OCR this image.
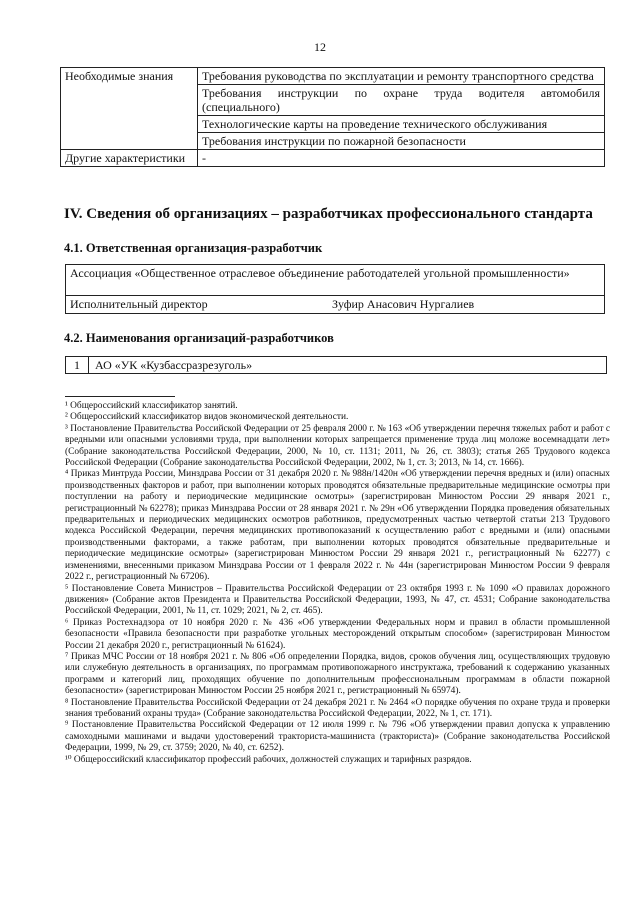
12
Необходимые знания	Требования руководства по эксплуатации и ремонту транспортного средства
	Требования инструкции по охране труда водителя автомобиля (специального)
	Технологические карты на проведение технического обслуживания
	Требования инструкции по пожарной безопасности
Другие характеристики	-
IV. Сведения об организациях – разработчиках профессионального стандарта
4.1. Ответственная организация-разработчик
Ассоциация «Общественное отраслевое объединение работодателей угольной промышленности»
Исполнительный директор	Зуфир Анасович Нургалиев
4.2. Наименования организаций-разработчиков
1	АО «УК «Кузбассразрезуголь»

¹ Общероссийский классификатор занятий.

² Общероссийский классификатор видов экономической деятельности.

³ Постановление Правительства Российской Федерации от 25 февраля 2000 г. № 163 «Об утверждении перечня тяжелых работ и работ с вредными или опасными условиями труда, при выполнении которых запрещается применение труда лиц моложе восемнадцати лет» (Собрание законодательства Российской Федерации, 2000, № 10, ст. 1131; 2011, № 26, ст. 3803); статья 265 Трудового кодекса Российской Федерации (Собрание законодательства Российской Федерации, 2002, № 1, ст. 3; 2013, № 14, ст. 1666).

⁴ Приказ Минтруда России, Минздрава России от 31 декабря 2020 г. № 988н/1420н «Об утверждении перечня вредных и (или) опасных производственных факторов и работ, при выполнении которых проводятся обязательные предварительные медицинские осмотры при поступлении на работу и периодические медицинские осмотры» (зарегистрирован Минюстом России 29 января 2021 г., регистрационный № 62278); приказ Минздрава России от 28 января 2021 г. № 29н «Об утверждении Порядка проведения обязательных предварительных и периодических медицинских осмотров работников, предусмотренных частью четвертой статьи 213 Трудового кодекса Российской Федерации, перечня медицинских противопоказаний к осуществлению работ с вредными и (или) опасными производственными факторами, а также работам, при выполнении которых проводятся обязательные предварительные и периодические медицинские осмотры» (зарегистрирован Минюстом России 29 января 2021 г., регистрационный № 62277) с изменениями, внесенными приказом Минздрава России от 1 февраля 2022 г. № 44н (зарегистрирован Минюстом России 9 февраля 2022 г., регистрационный № 67206).

⁵ Постановление Совета Министров – Правительства Российской Федерации от 23 октября 1993 г. № 1090 «О правилах дорожного движения» (Собрание актов Президента и Правительства Российской Федерации, 1993, № 47, ст. 4531; Собрание законодательства Российской Федерации, 2001, № 11, ст. 1029; 2021, № 2, ст. 465).

⁶ Приказ Ростехнадзора от 10 ноября 2020 г. № 436 «Об утверждении Федеральных норм и правил в области промышленной безопасности «Правила безопасности при разработке угольных месторождений открытым способом» (зарегистрирован Минюстом России 21 декабря 2020 г., регистрационный № 61624).

⁷ Приказ МЧС России от 18 ноября 2021 г. № 806 «Об определении Порядка, видов, сроков обучения лиц, осуществляющих трудовую или служебную деятельность в организациях, по программам противопожарного инструктажа, требований к содержанию указанных программ и категорий лиц, проходящих обучение по дополнительным профессиональным программам в области пожарной безопасности» (зарегистрирован Минюстом России 25 ноября 2021 г., регистрационный № 65974).

⁸ Постановление Правительства Российской Федерации от 24 декабря 2021 г. № 2464 «О порядке обучения по охране труда и проверки знания требований охраны труда» (Собрание законодательства Российской Федерации, 2022, № 1, ст. 171).

⁹ Постановление Правительства Российской Федерации от 12 июля 1999 г. № 796 «Об утверждении правил допуска к управлению самоходными машинами и выдачи удостоверений тракториста-машиниста (тракториста)» (Собрание законодательства Российской Федерации, 1999, № 29, ст. 3759; 2020, № 40, ст. 6252).

¹⁰ Общероссийский классификатор профессий рабочих, должностей служащих и тарифных разрядов.
